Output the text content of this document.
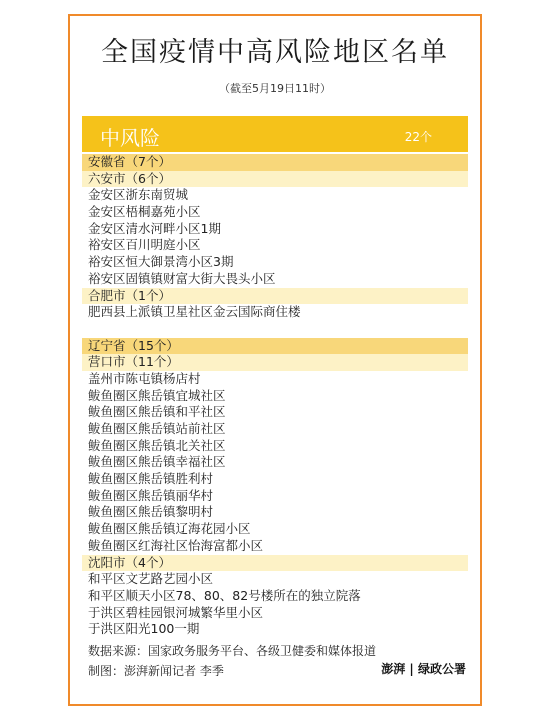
全国疫情中高风险地区名单
（截至5月19日11时）
中风险	22个
安徽省（7个）
六安市（6个）
金安区浙东南贸城
金安区梧桐嘉苑小区
金安区清水河畔小区1期
裕安区百川明庭小区
裕安区恒大御景湾小区3期
裕安区固镇镇财富大街大畏头小区
合肥市（1个）
肥西县上派镇卫星社区金云国际商住楼
辽宁省（15个）
营口市（11个）
盖州市陈屯镇杨店村
鲅鱼圈区熊岳镇宜城社区
鲅鱼圈区熊岳镇和平社区
鲅鱼圈区熊岳镇站前社区
鲅鱼圈区熊岳镇北关社区
鲅鱼圈区熊岳镇幸福社区
鲅鱼圈区熊岳镇胜利村
鲅鱼圈区熊岳镇丽华村
鲅鱼圈区熊岳镇黎明村
鲅鱼圈区熊岳镇辽海花园小区
鲅鱼圈区红海社区怡海富都小区
沈阳市（4个）
和平区文艺路艺园小区
和平区顺天小区78、80、82号楼所在的独立院落
于洪区碧桂园银河城繁华里小区
于洪区阳光100一期
数据来源：国家政务服务平台、各级卫健委和媒体报道
制图：澎湃新闻记者 李季	澎湃 | 绿政公署
